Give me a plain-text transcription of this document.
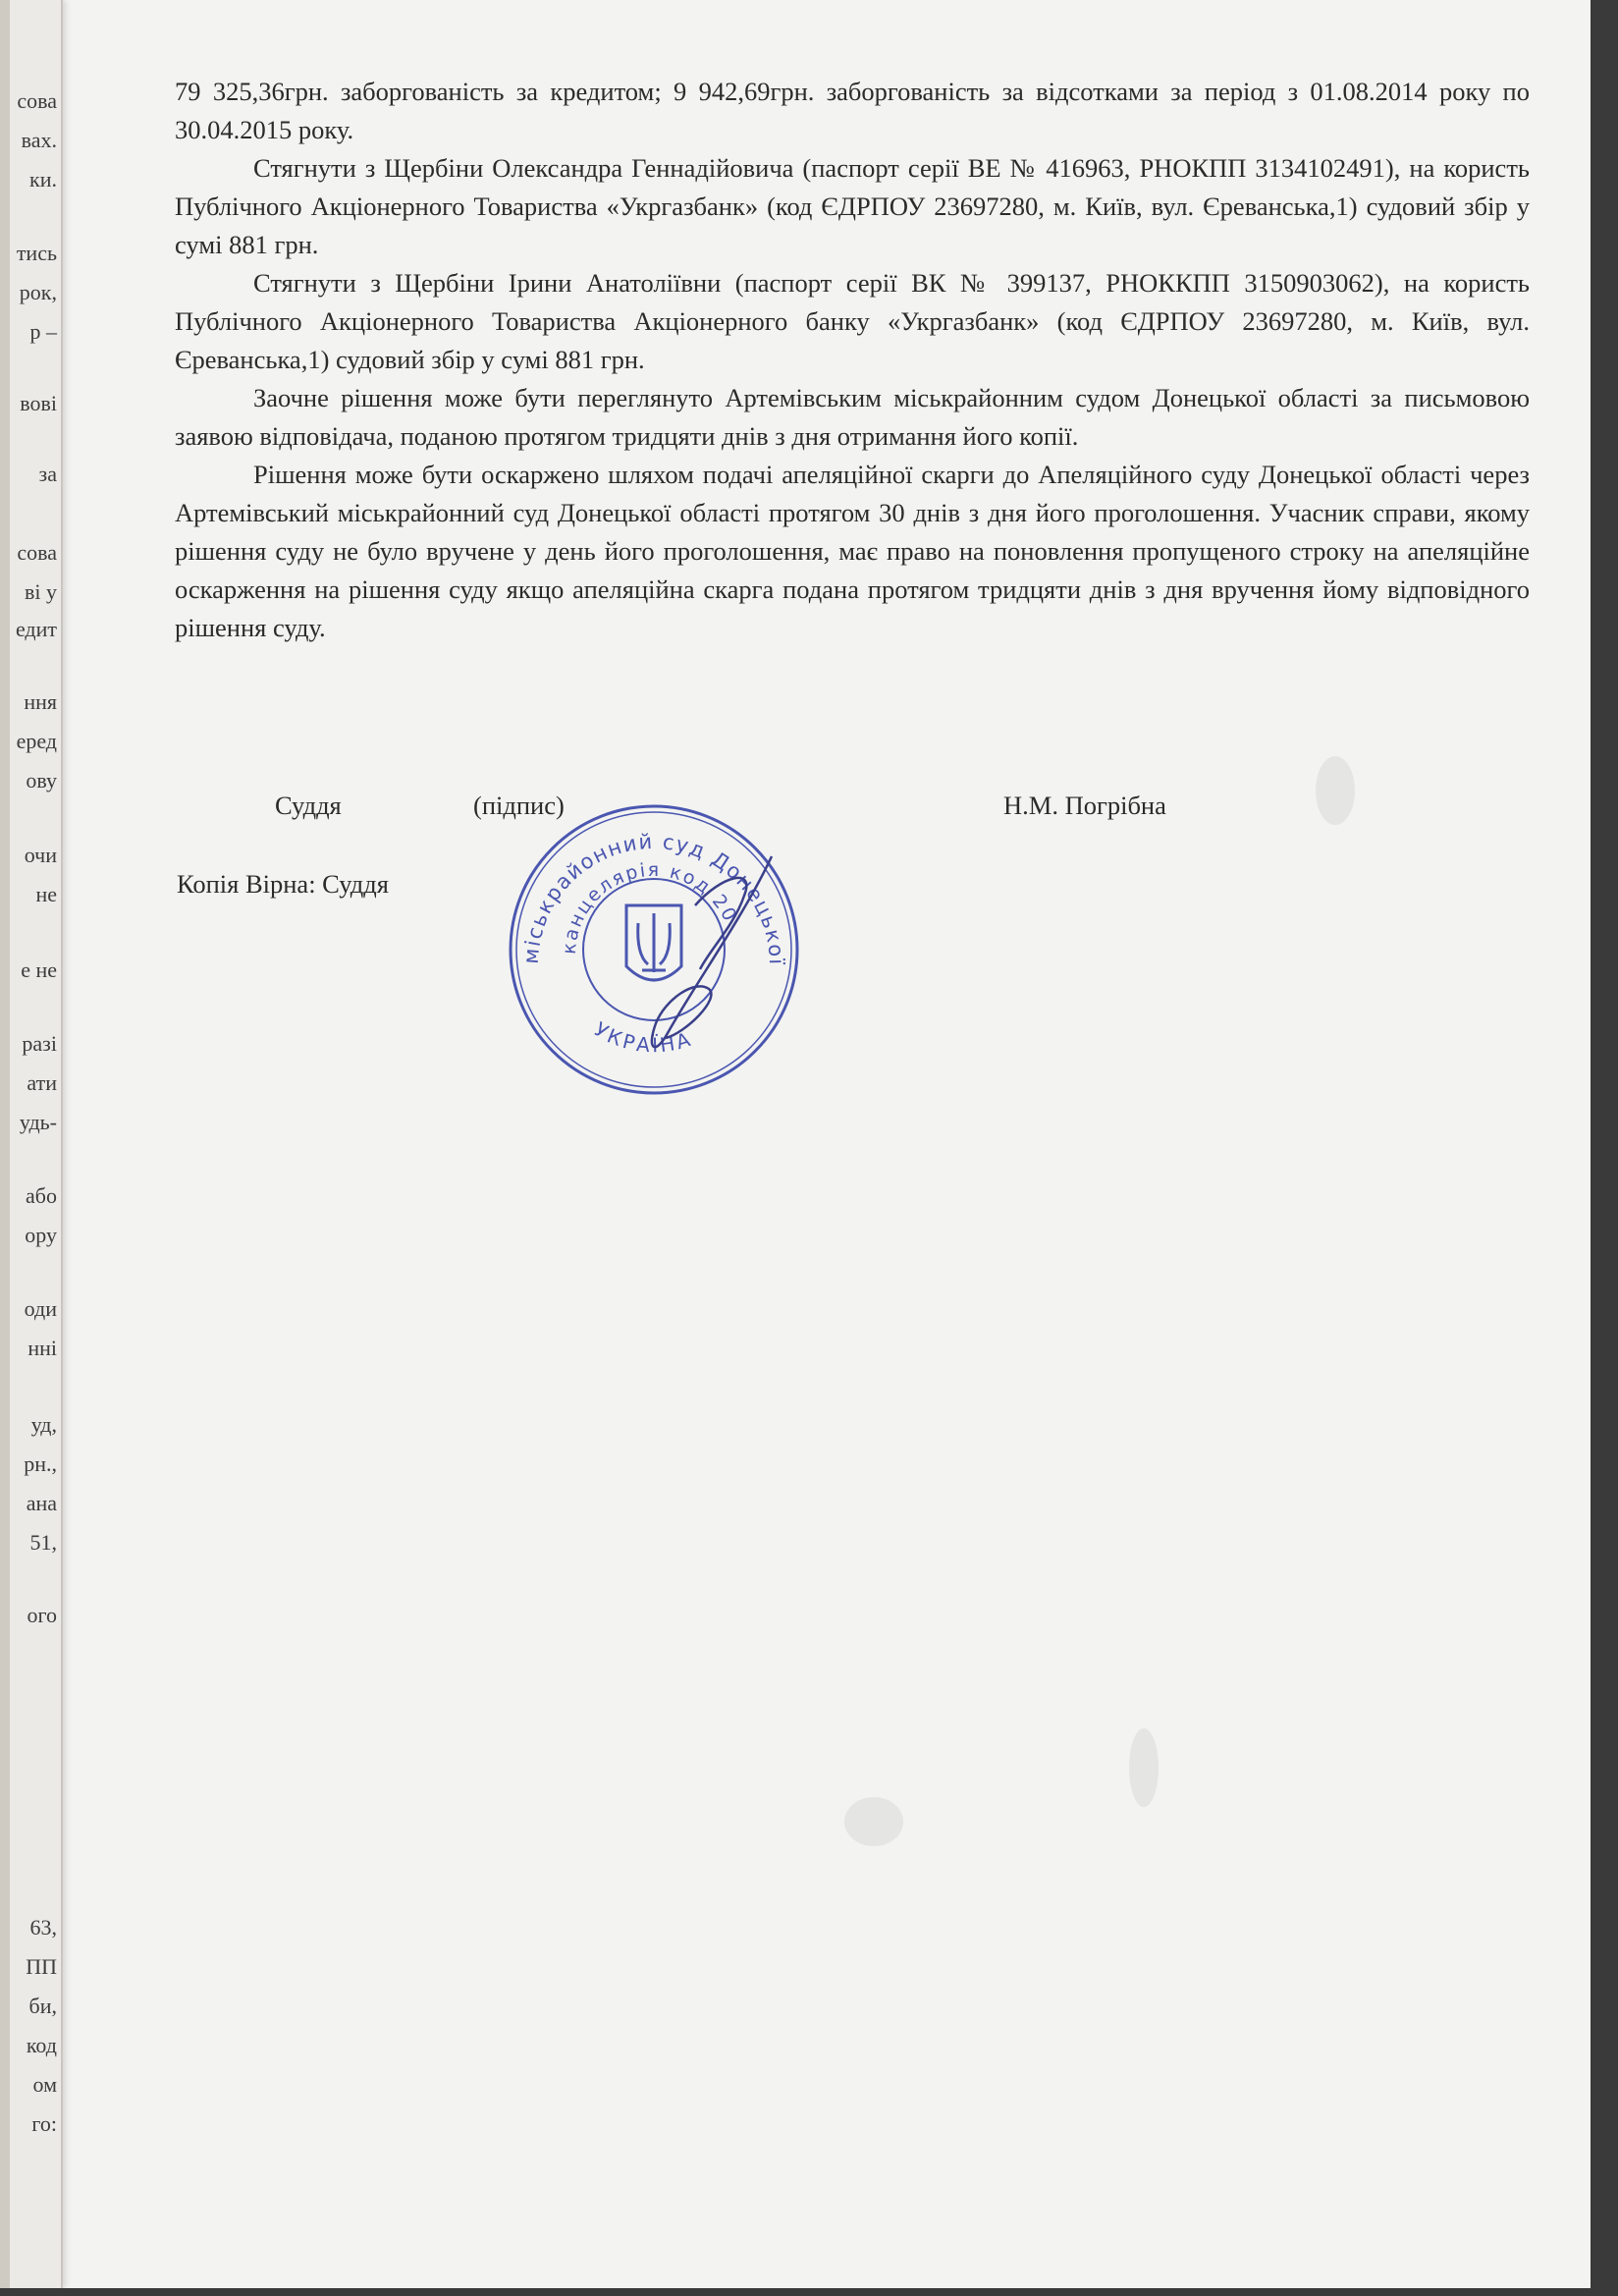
сова
вах.
ки.
тись
рок,
р –
вові
за
сова
ві у
едит
ння
еред
ову
очи
не
е не
разі
ати
удь-
або
ору
оди
нні
уд,
рн.,
ана
51,
ого
63,
ПП
би,
код
ом
го:

79 325,36грн. заборгованість за кредитом; 9 942,69грн. заборгованість за відсотками за період з 01.08.2014 року по 30.04.2015 року.

Стягнути з Щербіни Олександра Геннадійовича (паспорт серії ВЕ № 416963, РНОКПП 3134102491), на користь Публічного Акціонерного Товариства «Укргазбанк» (код ЄДРПОУ 23697280, м. Київ, вул. Єреванська,1) судовий збір у сумі 881 грн.

Стягнути з Щербіни Ірини Анатоліївни (паспорт серії ВК № 399137, РНОККПП 3150903062), на користь Публічного Акціонерного Товариства Акціонерного банку «Укргазбанк» (код ЄДРПОУ 23697280, м. Київ, вул. Єреванська,1) судовий збір у сумі 881 грн.

Заочне рішення може бути переглянуто Артемівським міськрайонним судом Донецької області за письмовою заявою відповідача, поданою протягом тридцяти днів з дня отримання його копії.

Рішення може бути оскаржено шляхом подачі апеляційної скарги до Апеляційного суду Донецької області через Артемівський міськрайонний суд Донецької області протягом 30 днів з дня його проголошення. Учасник справи, якому рішення суду не було вручене у день його проголошення, має право на поновлення пропущеного строку на апеляційне оскарження на рішення суду якщо апеляційна скарга подана протягом тридцяти днів з дня вручення йому відповідного рішення суду.

Суддя	(підпис)	Н.М. Погрібна
Копія Вірна: Суддя
міськрайонний суд Донецької
канцелярія код 20
УКРАЇНА
